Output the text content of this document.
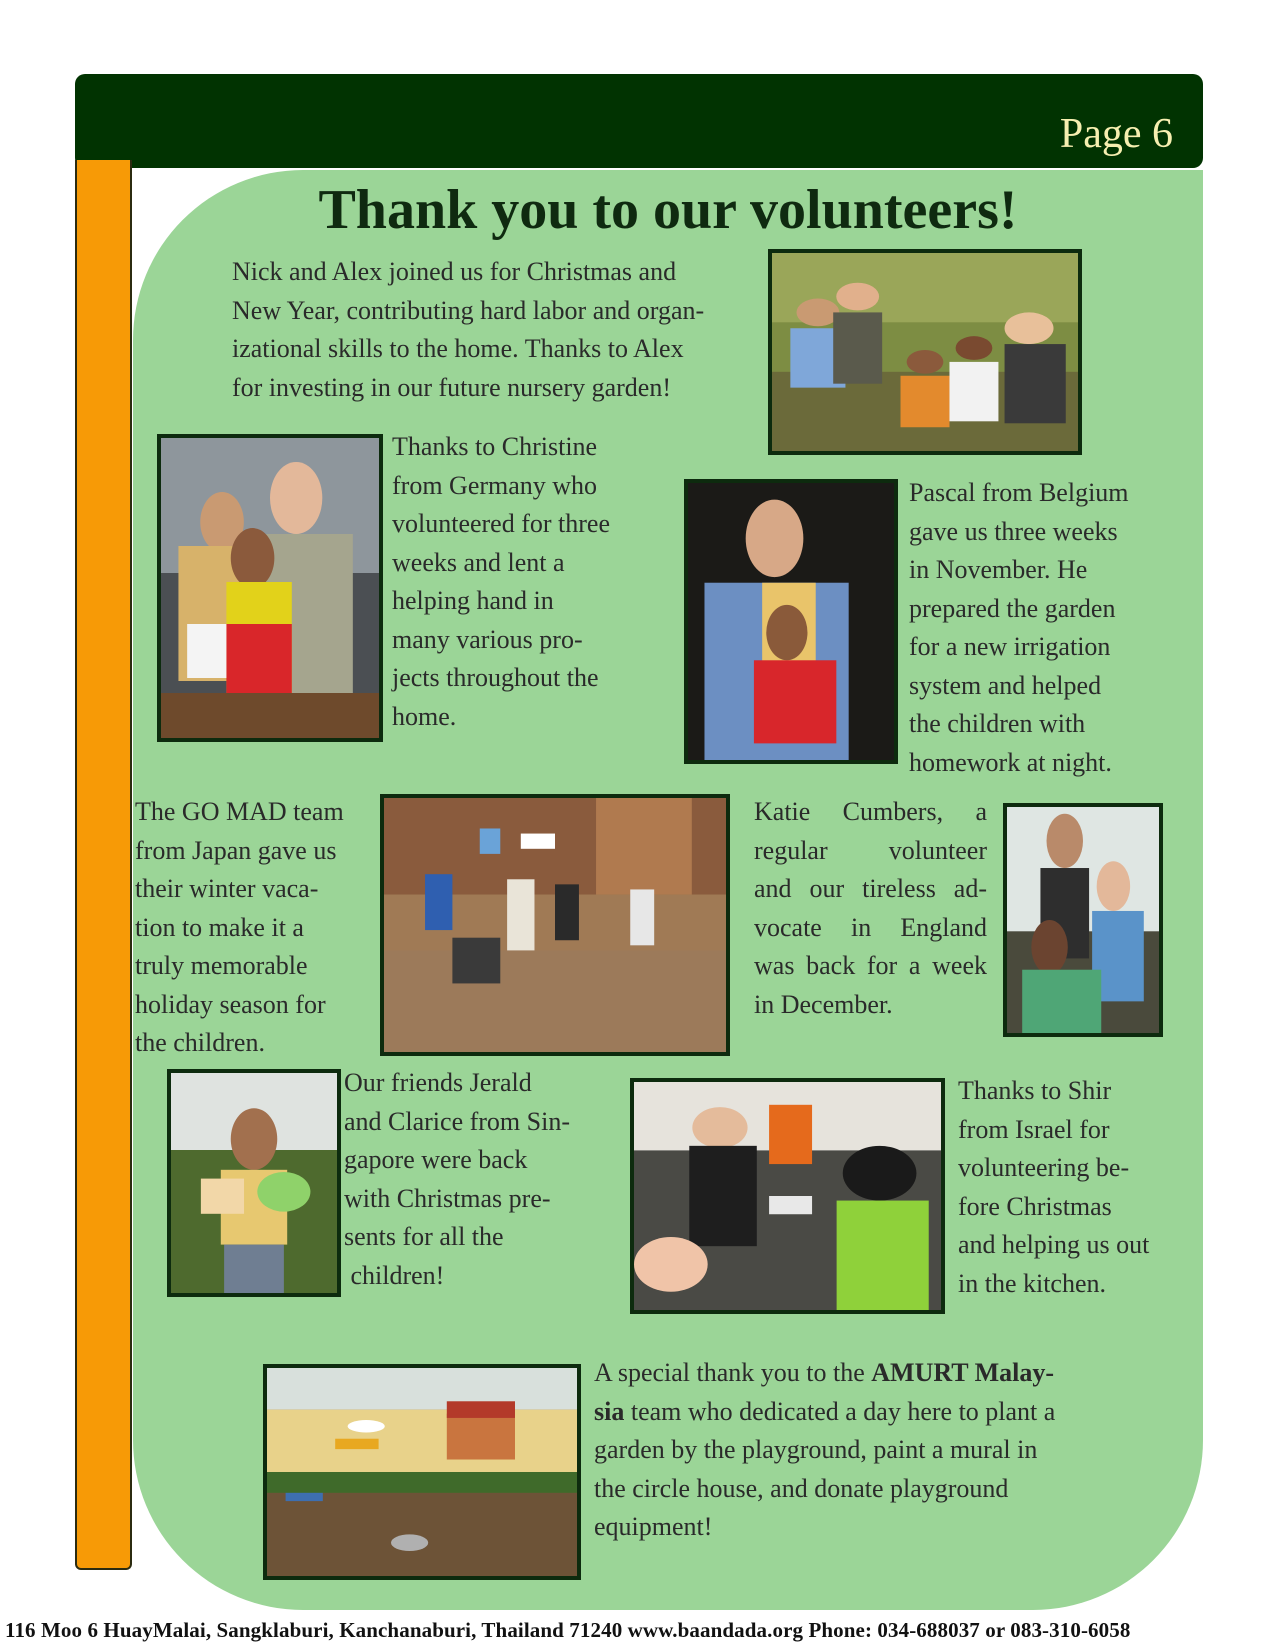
Page 6
Thank you to our volunteers!
Nick and Alex joined us for Christmas and
New Year, contributing hard labor and organ-
izational skills to the home. Thanks to Alex
for investing in our future nursery garden!
Thanks to Christine
from Germany who
volunteered for three
weeks and lent a
helping hand in
many various pro-
jects throughout the
home.
Pascal from Belgium
gave us three weeks
in November. He
prepared the garden
for a new irrigation
system and helped
the children with
homework at night.
The GO MAD team
from Japan gave us
their winter vaca-
tion to make it a
truly memorable
holiday season for
the children.
Katie Cumbers, a
regular volunteer
and our tireless ad-
vocate in England
was back for a week
in December.
Our friends Jerald
and Clarice from Sin-
gapore were back
with Christmas pre-
sents for all the
children!
Thanks to Shir
from Israel for
volunteering be-
fore Christmas
and helping us out
in the kitchen.
A special thank you to the AMURT Malay-
sia team who dedicated a day here to plant a
garden by the playground, paint a mural in
the circle house, and donate playground
equipment!
116 Moo 6 HuayMalai, Sangklaburi, Kanchanaburi, Thailand 71240 www.baandada.org Phone: 034-688037 or 083-310-6058
